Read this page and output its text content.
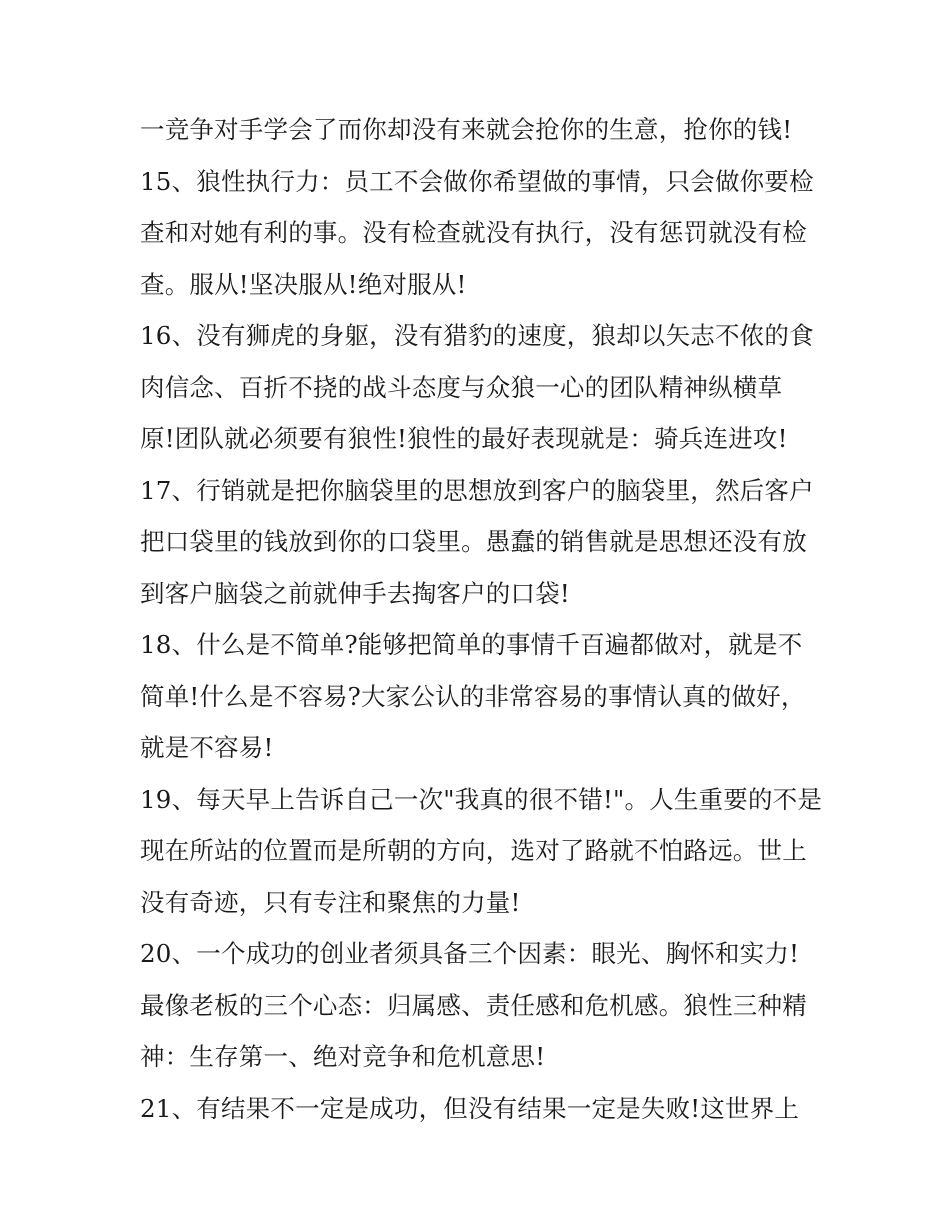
一竞争对手学会了而你却没有来就会抢你的生意，抢你的钱!
15、狼性执行力：员工不会做你希望做的事情，只会做你要检
查和对她有利的事。没有检查就没有执行，没有惩罚就没有检
查。服从!坚决服从!绝对服从!
16、没有狮虎的身躯，没有猎豹的速度，狼却以矢志不侬的食
肉信念、百折不挠的战斗态度与众狼一心的团队精神纵横草
原!团队就必须要有狼性!狼性的最好表现就是：骑兵连进攻!
17、行销就是把你脑袋里的思想放到客户的脑袋里，然后客户
把口袋里的钱放到你的口袋里。愚蠢的销售就是思想还没有放
到客户脑袋之前就伸手去掏客户的口袋!
18、什么是不简单?能够把简单的事情千百遍都做对，就是不
简单!什么是不容易?大家公认的非常容易的事情认真的做好，
就是不容易!
19、每天早上告诉自己一次"我真的很不错!"。人生重要的不是
现在所站的位置而是所朝的方向，选对了路就不怕路远。世上
没有奇迹，只有专注和聚焦的力量!
20、一个成功的创业者须具备三个因素：眼光、胸怀和实力!
最像老板的三个心态：归属感、责任感和危机感。狼性三种精
神：生存第一、绝对竞争和危机意思!
21、有结果不一定是成功，但没有结果一定是失败!这世界上
